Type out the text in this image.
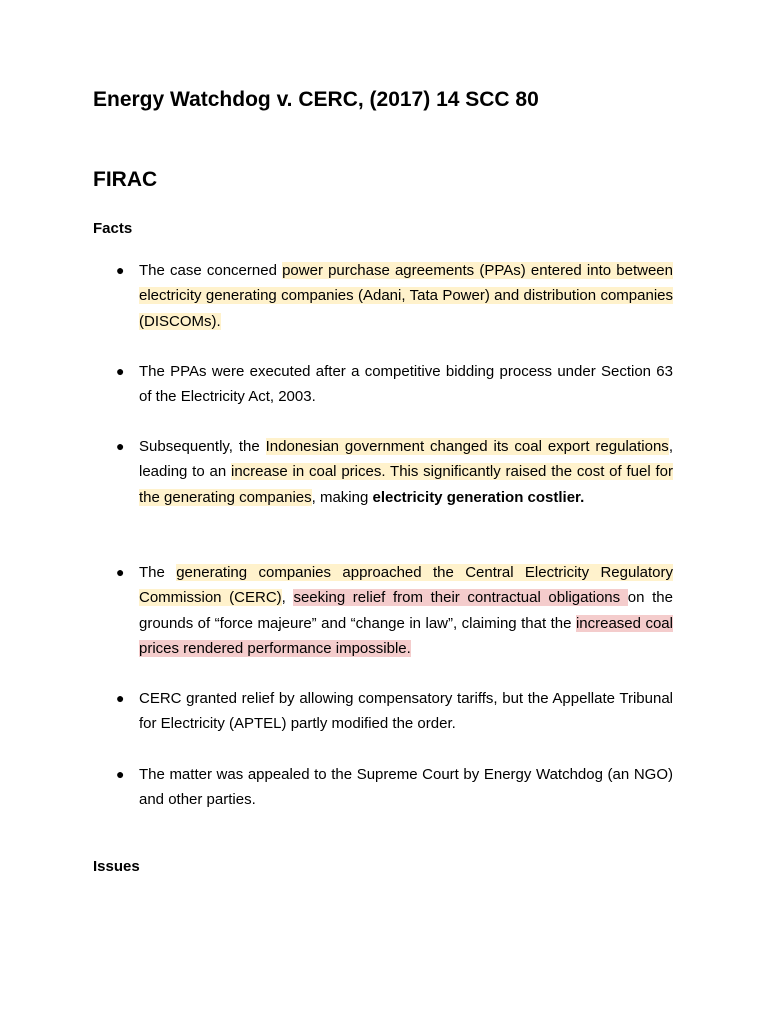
Energy Watchdog v. CERC, (2017) 14 SCC 80
FIRAC
Facts
● The case concerned power purchase agreements (PPAs) entered into between electricity generating companies (Adani, Tata Power) and distribution companies (DISCOMs).
● The PPAs were executed after a competitive bidding process under Section 63 of the Electricity Act, 2003.
● Subsequently, the Indonesian government changed its coal export regulations, leading to an increase in coal prices. This significantly raised the cost of fuel for the generating companies, making electricity generation costlier.
● The generating companies approached the Central Electricity Regulatory Commission (CERC), seeking relief from their contractual obligations on the grounds of “force majeure” and “change in law”, claiming that the increased coal prices rendered performance impossible.
● CERC granted relief by allowing compensatory tariffs, but the Appellate Tribunal for Electricity (APTEL) partly modified the order.
● The matter was appealed to the Supreme Court by Energy Watchdog (an NGO) and other parties.
Issues
